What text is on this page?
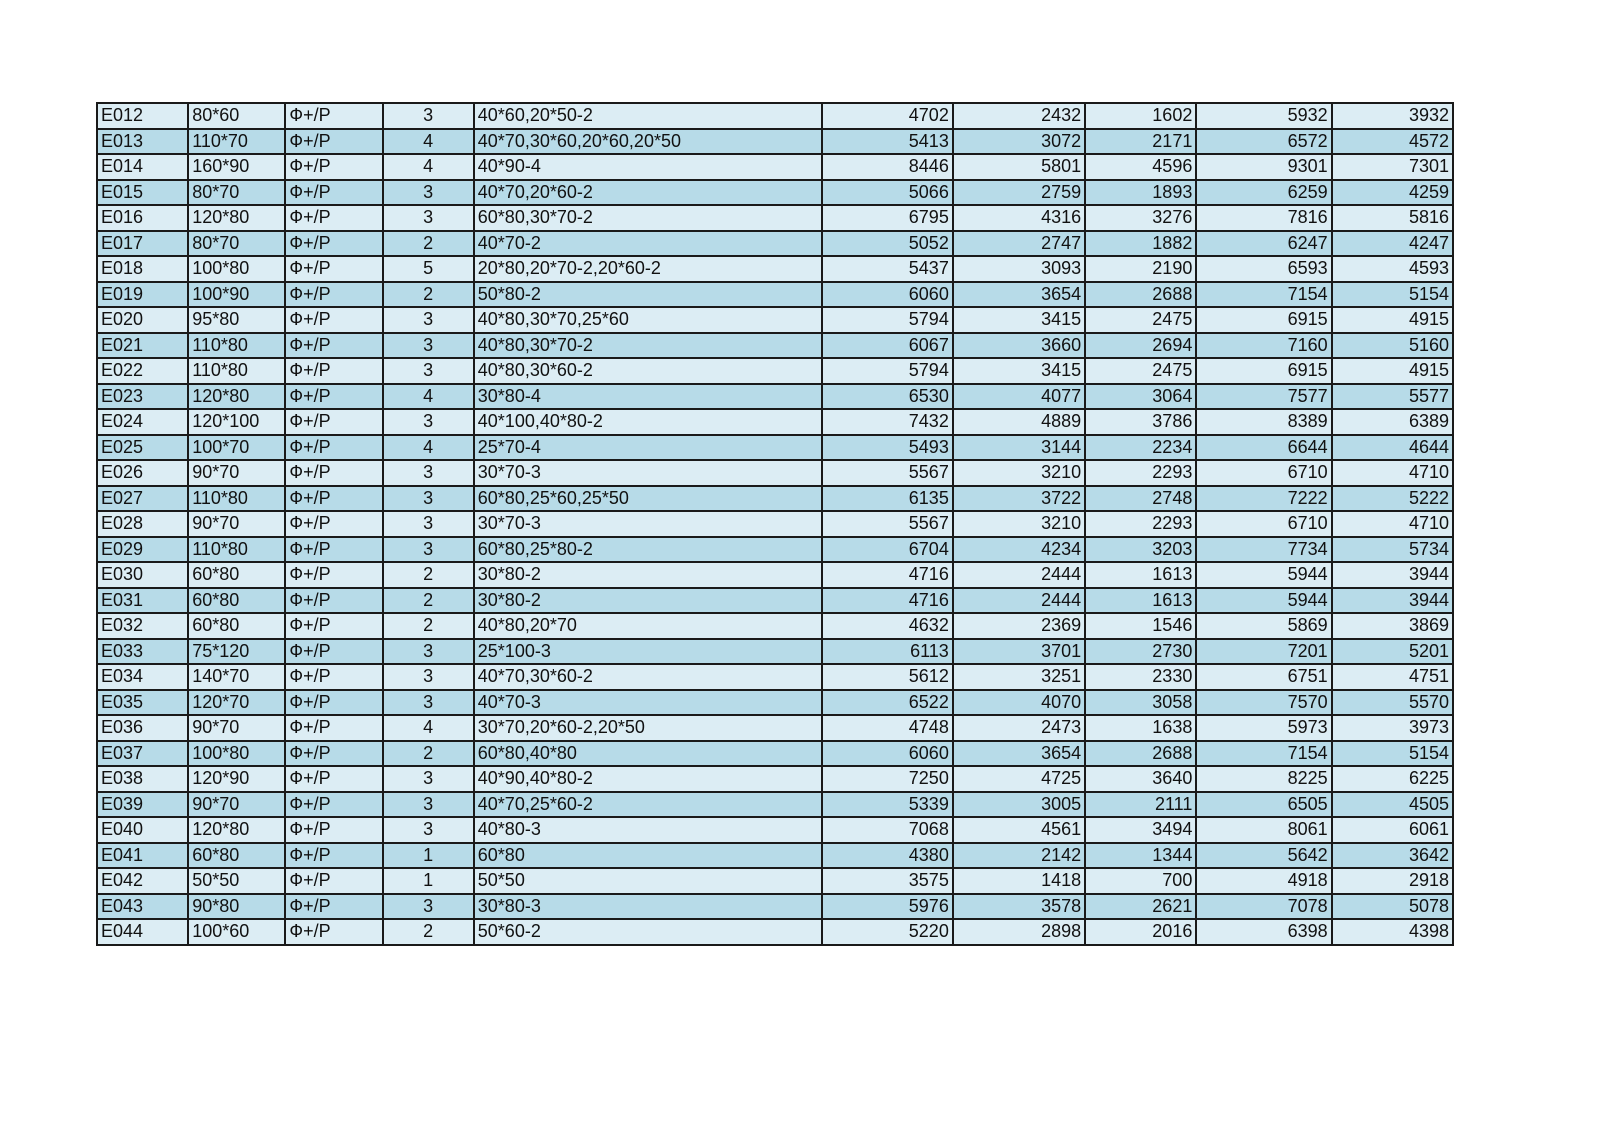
E012	80*60	Ф+/Р	3	40*60,20*50-2	4702	2432	1602	5932	3932
E013	110*70	Ф+/Р	4	40*70,30*60,20*60,20*50	5413	3072	2171	6572	4572
E014	160*90	Ф+/Р	4	40*90-4	8446	5801	4596	9301	7301
E015	80*70	Ф+/Р	3	40*70,20*60-2	5066	2759	1893	6259	4259
E016	120*80	Ф+/Р	3	60*80,30*70-2	6795	4316	3276	7816	5816
E017	80*70	Ф+/Р	2	40*70-2	5052	2747	1882	6247	4247
E018	100*80	Ф+/Р	5	20*80,20*70-2,20*60-2	5437	3093	2190	6593	4593
E019	100*90	Ф+/Р	2	50*80-2	6060	3654	2688	7154	5154
E020	95*80	Ф+/Р	3	40*80,30*70,25*60	5794	3415	2475	6915	4915
E021	110*80	Ф+/Р	3	40*80,30*70-2	6067	3660	2694	7160	5160
E022	110*80	Ф+/Р	3	40*80,30*60-2	5794	3415	2475	6915	4915
E023	120*80	Ф+/Р	4	30*80-4	6530	4077	3064	7577	5577
E024	120*100	Ф+/Р	3	40*100,40*80-2	7432	4889	3786	8389	6389
E025	100*70	Ф+/Р	4	25*70-4	5493	3144	2234	6644	4644
E026	90*70	Ф+/Р	3	30*70-3	5567	3210	2293	6710	4710
E027	110*80	Ф+/Р	3	60*80,25*60,25*50	6135	3722	2748	7222	5222
E028	90*70	Ф+/Р	3	30*70-3	5567	3210	2293	6710	4710
E029	110*80	Ф+/Р	3	60*80,25*80-2	6704	4234	3203	7734	5734
E030	60*80	Ф+/Р	2	30*80-2	4716	2444	1613	5944	3944
E031	60*80	Ф+/Р	2	30*80-2	4716	2444	1613	5944	3944
E032	60*80	Ф+/Р	2	40*80,20*70	4632	2369	1546	5869	3869
E033	75*120	Ф+/Р	3	25*100-3	6113	3701	2730	7201	5201
E034	140*70	Ф+/Р	3	40*70,30*60-2	5612	3251	2330	6751	4751
E035	120*70	Ф+/Р	3	40*70-3	6522	4070	3058	7570	5570
E036	90*70	Ф+/Р	4	30*70,20*60-2,20*50	4748	2473	1638	5973	3973
E037	100*80	Ф+/Р	2	60*80,40*80	6060	3654	2688	7154	5154
E038	120*90	Ф+/Р	3	40*90,40*80-2	7250	4725	3640	8225	6225
E039	90*70	Ф+/Р	3	40*70,25*60-2	5339	3005	2111	6505	4505
E040	120*80	Ф+/Р	3	40*80-3	7068	4561	3494	8061	6061
E041	60*80	Ф+/Р	1	60*80	4380	2142	1344	5642	3642
E042	50*50	Ф+/Р	1	50*50	3575	1418	700	4918	2918
E043	90*80	Ф+/Р	3	30*80-3	5976	3578	2621	7078	5078
E044	100*60	Ф+/Р	2	50*60-2	5220	2898	2016	6398	4398
